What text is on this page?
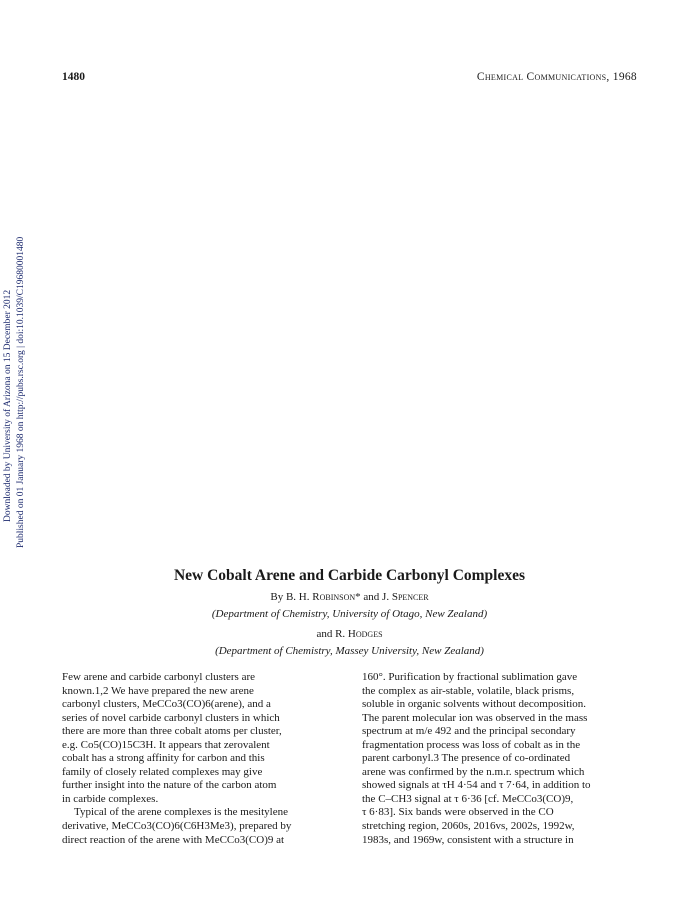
1480	Chemical Communications, 1968
Downloaded by University of Arizona on 15 December 2012 Published on 01 January 1968 on http://pubs.rsc.org | doi:10.1039/C19680001480
New Cobalt Arene and Carbide Carbonyl Complexes
By B. H. Robinson* and J. Spencer
(Department of Chemistry, University of Otago, New Zealand)
and R. Hodges
(Department of Chemistry, Massey University, New Zealand)

Few arene and carbide carbonyl clusters are
known.1,2 We have prepared the new arene
carbonyl clusters, MeCCo3(CO)6(arene), and a
series of novel carbide carbonyl clusters in which
there are more than three cobalt atoms per cluster,
e.g. Co5(CO)15C3H. It appears that zerovalent
cobalt has a strong affinity for carbon and this
family of closely related complexes may give
further insight into the nature of the carbon atom
in carbide complexes.

Typical of the arene complexes is the mesitylene
derivative, MeCCo3(CO)6(C6H3Me3), prepared by
direct reaction of the arene with MeCCo3(CO)9 at

160°. Purification by fractional sublimation gave
the complex as air-stable, volatile, black prisms,
soluble in organic solvents without decomposition.
The parent molecular ion was observed in the mass
spectrum at m/e 492 and the principal secondary
fragmentation process was loss of cobalt as in the
parent carbonyl.3 The presence of co-ordinated
arene was confirmed by the n.m.r. spectrum which
showed signals at τH 4·54 and τ 7·64, in addition to
the C–CH3 signal at τ 6·36 [cf. MeCCo3(CO)9,
τ 6·83]. Six bands were observed in the CO
stretching region, 2060s, 2016vs, 2002s, 1992w,
1983s, and 1969w, consistent with a structure in
